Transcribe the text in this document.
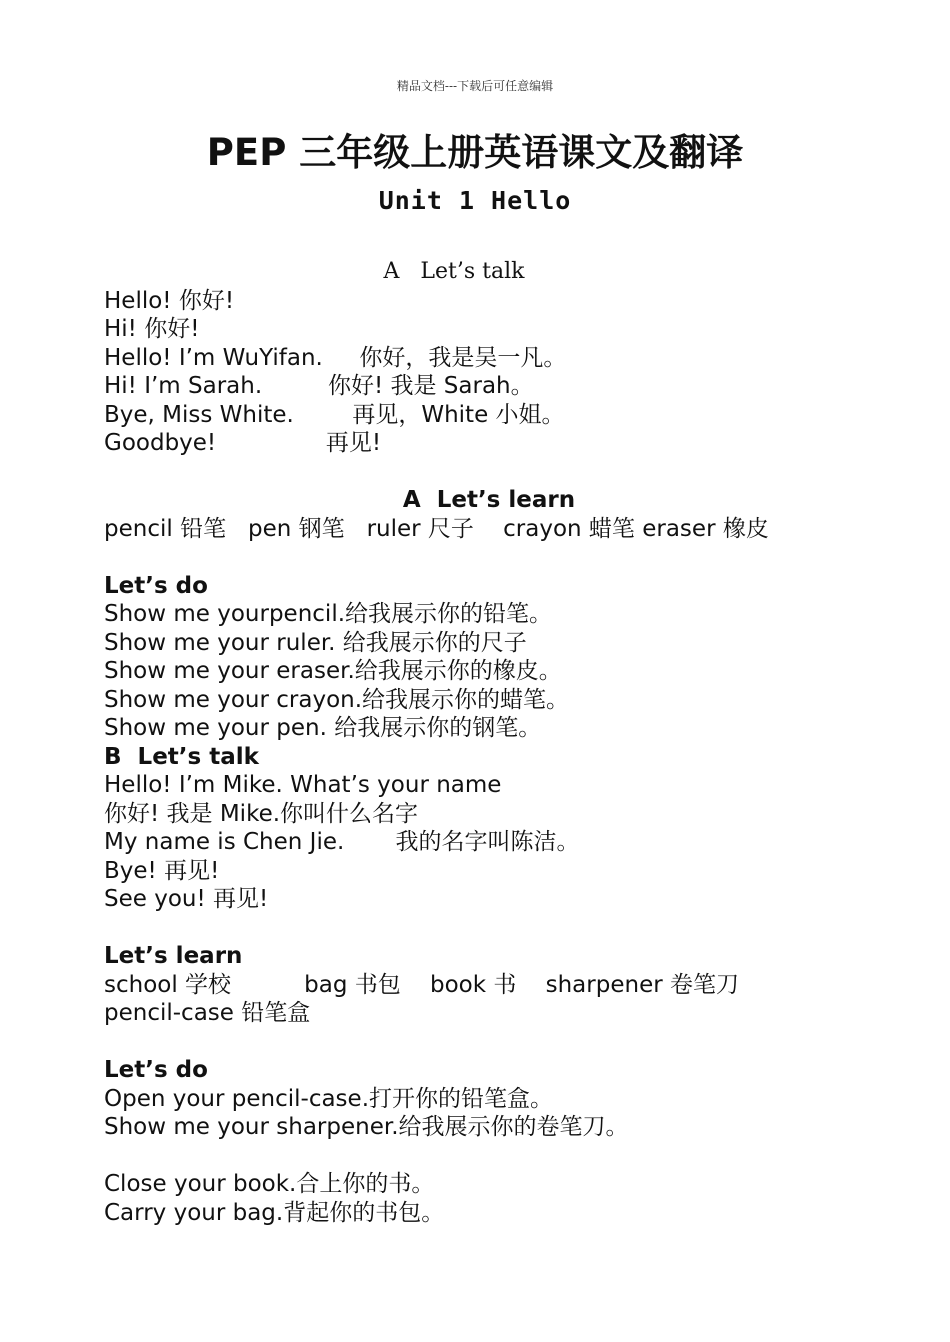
精品文档---下载后可任意编辑
PEP 三年级上册英语课文及翻译
Unit 1 Hello
A   Let’s talk
Hello! 你好!
Hi! 你好!
Hello! I’m WuYifan.     你好，我是吴一凡。
Hi! I’m Sarah.         你好! 我是 Sarah。
Bye, Miss White.        再见，White 小姐。
Goodbye!               再见!
A  Let’s learn
pencil 铅笔   pen 钢笔   ruler 尺子    crayon 蜡笔 eraser 橡皮
Let’s do
Show me yourpencil.给我展示你的铅笔。
Show me your ruler. 给我展示你的尺子
Show me your eraser.给我展示你的橡皮。
Show me your crayon.给我展示你的蜡笔。
Show me your pen. 给我展示你的钢笔。
B  Let’s talk
Hello! I’m Mike. What’s your name
你好! 我是 Mike.你叫什么名字
My name is Chen Jie.       我的名字叫陈洁。
Bye! 再见!
See you! 再见!
Let’s learn
school 学校          bag 书包    book 书    sharpener 卷笔刀
pencil-case 铅笔盒
Let’s do
Open your pencil-case.打开你的铅笔盒。
Show me your sharpener.给我展示你的卷笔刀。
Close your book.合上你的书。
Carry your bag.背起你的书包。
